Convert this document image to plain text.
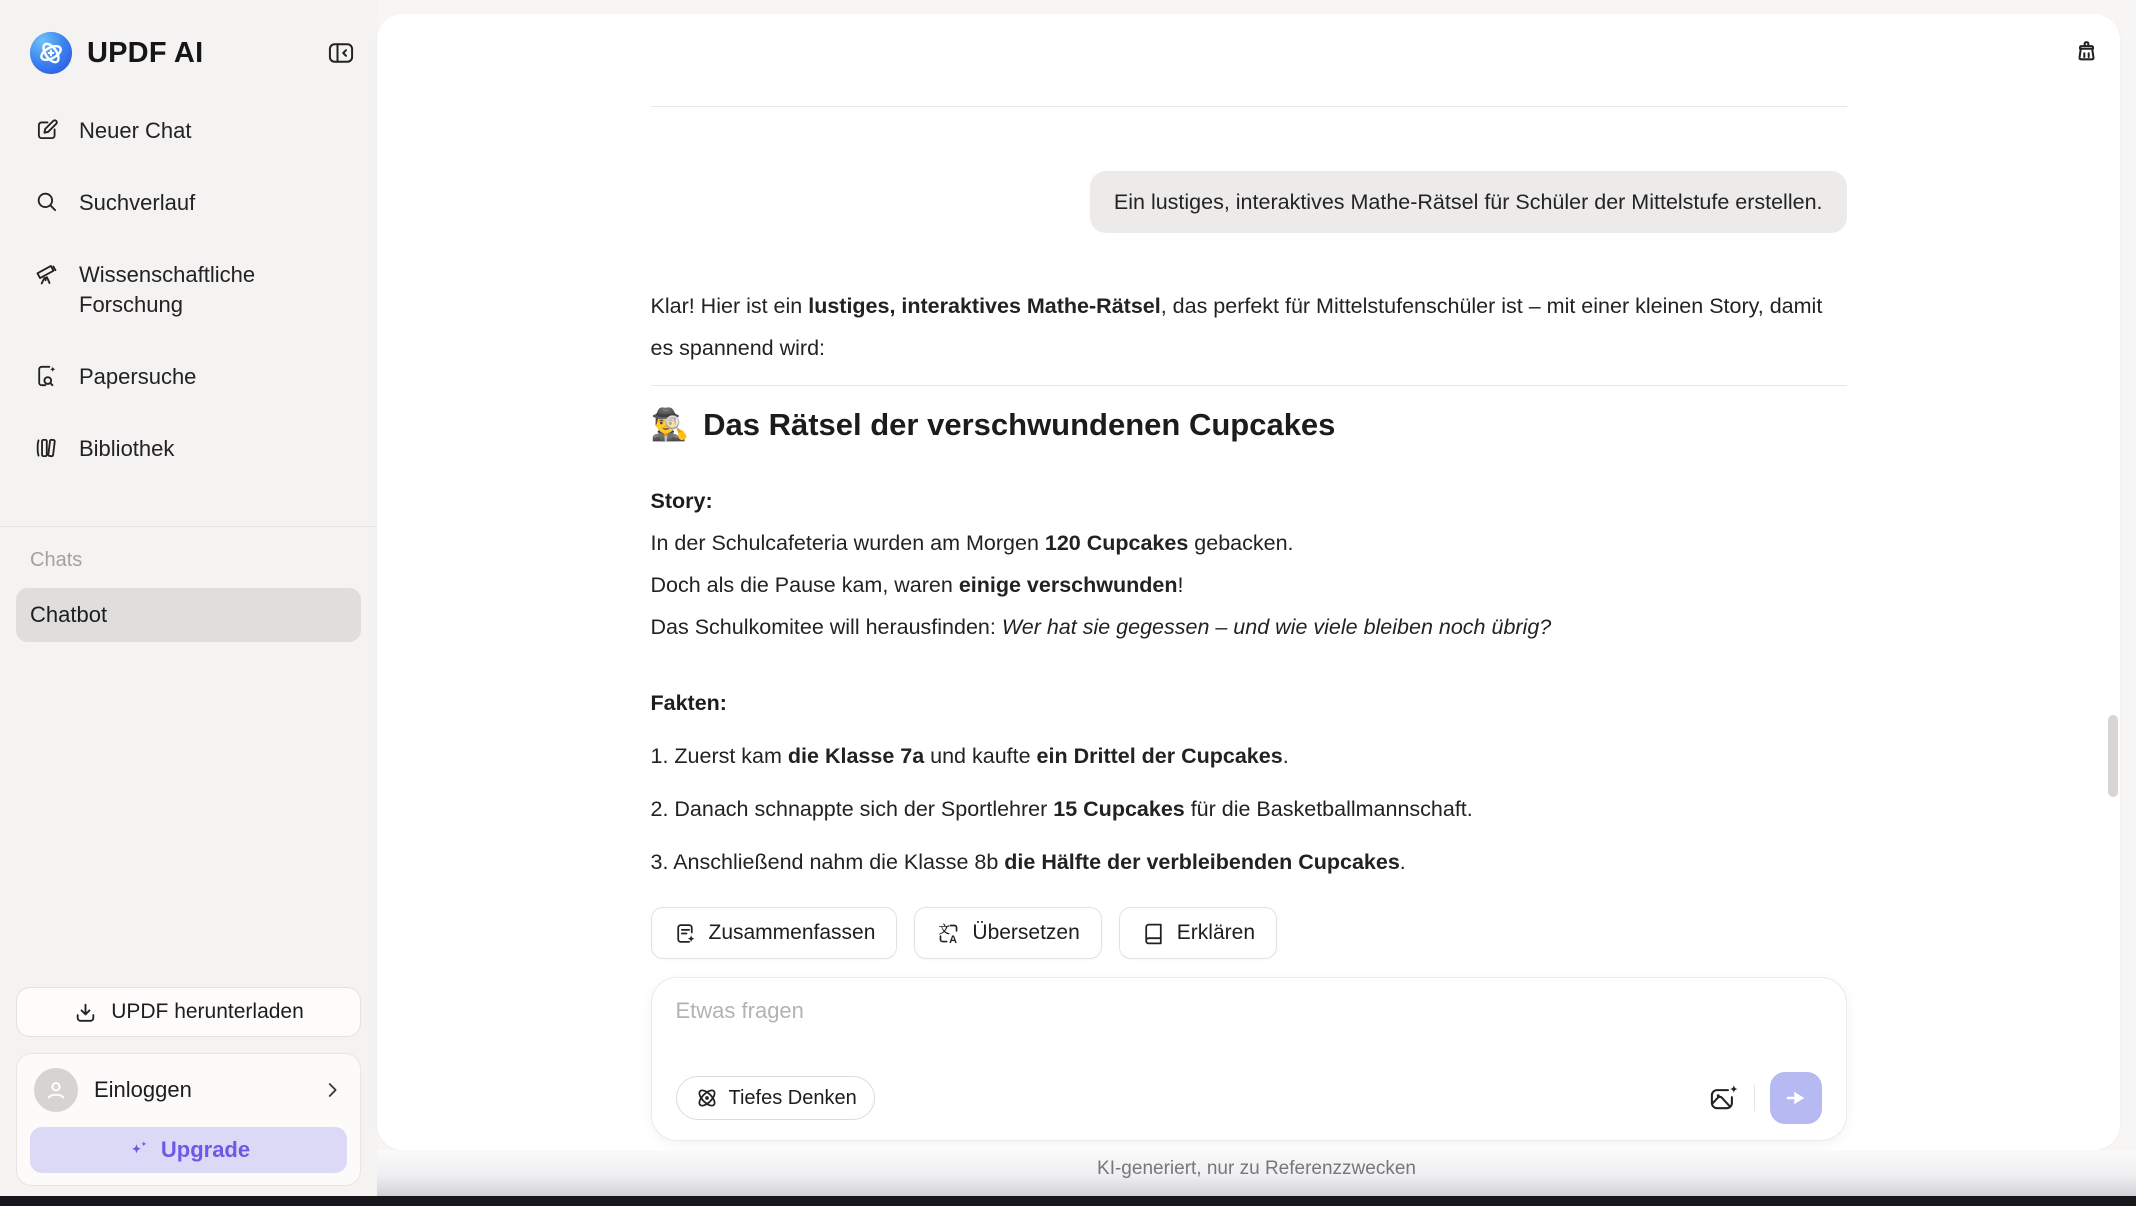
UPDF AI
Neuer Chat
Suchverlauf
Wissenschaftliche Forschung
Papersuche
Bibliothek
Chats
Chatbot
UPDF herunterladen
Einloggen
Upgrade
Ein lustiges, interaktives Mathe-Rätsel für Schüler der Mittelstufe erstellen.

Klar! Hier ist ein lustiges, interaktives Mathe-Rätsel, das perfekt für Mittelstufenschüler ist – mit einer kleinen Story, damit es spannend wird:

🕵️‍♂️ Das Rätsel der verschwundenen Cupcakes

Story:

In der Schulcafeteria wurden am Morgen 120 Cupcakes gebacken.
Doch als die Pause kam, waren einige verschwunden!
Das Schulkomitee will herausfinden: Wer hat sie gegessen – und wie viele bleiben noch übrig?

Fakten:

1. Zuerst kam die Klasse 7a und kaufte ein Drittel der Cupcakes.
2. Danach schnappte sich der Sportlehrer 15 Cupcakes für die Basketballmannschaft.
3. Anschließend nahm die Klasse 8b die Hälfte der verbleibenden Cupcakes.
Zusammenfassen	文
A Übersetzen	Erklären
Etwas fragen
Tiefes Denken
KI-generiert, nur zu Referenzzwecken
